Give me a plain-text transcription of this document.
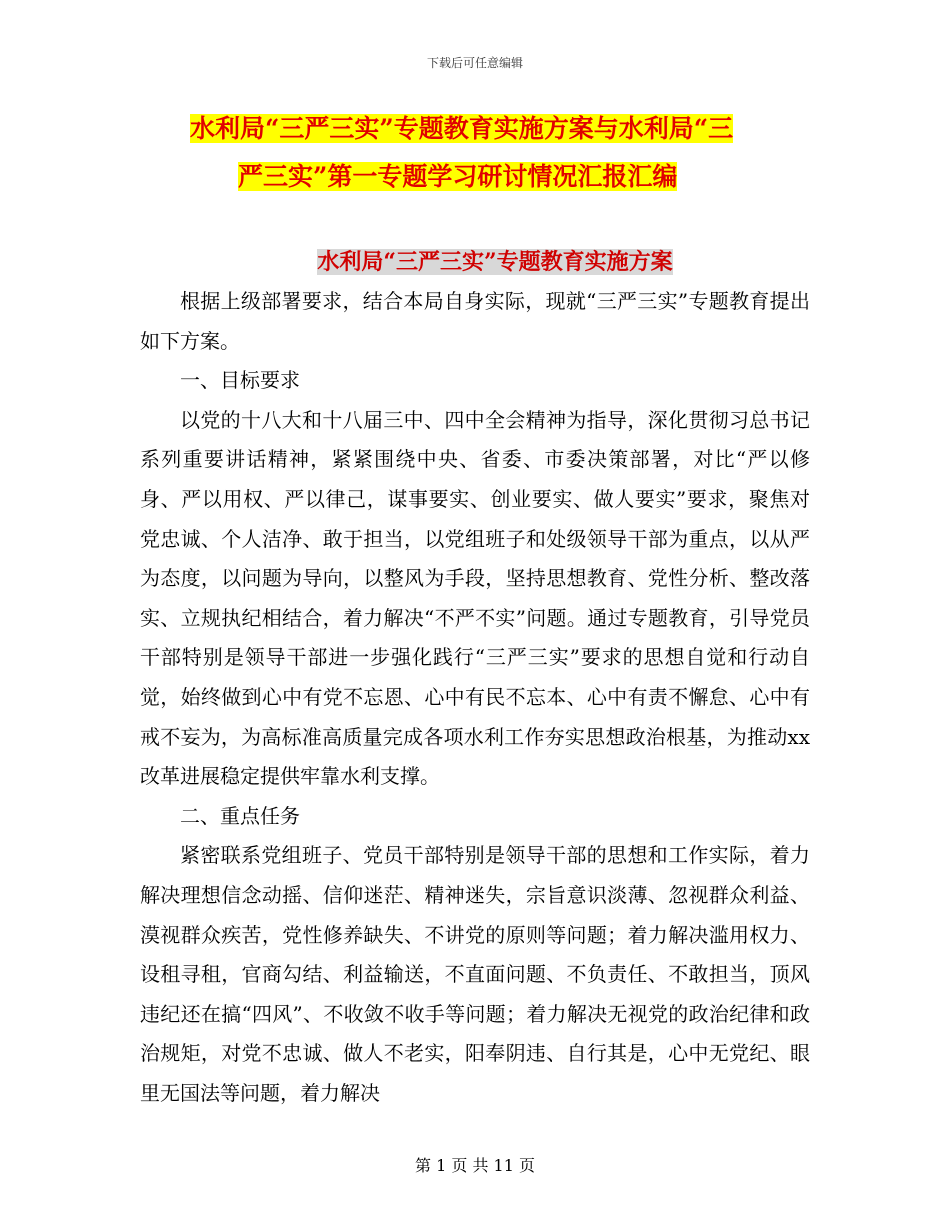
下载后可任意编辑
水利局“三严三实”专题教育实施方案与水利局“三
严三实”第一专题学习研讨情况汇报汇编
水利局“三严三实”专题教育实施方案

根据上级部署要求，结合本局自身实际，现就“三严三实”专题教育提出如下方案。

一、目标要求

以党的十八大和十八届三中、四中全会精神为指导，深化贯彻习总书记系列重要讲话精神，紧紧围绕中央、省委、市委决策部署，对比“严以修身、严以用权、严以律己，谋事要实、创业要实、做人要实”要求，聚焦对党忠诚、个人洁净、敢于担当，以党组班子和处级领导干部为重点，以从严为态度，以问题为导向，以整风为手段，坚持思想教育、党性分析、整改落实、立规执纪相结合，着力解决“不严不实”问题。通过专题教育，引导党员干部特别是领导干部进一步强化践行“三严三实”要求的思想自觉和行动自觉，始终做到心中有党不忘恩、心中有民不忘本、心中有责不懈怠、心中有戒不妄为，为高标准高质量完成各项水利工作夯实思想政治根基，为推动xx改革进展稳定提供牢靠水利支撑。

二、重点任务

紧密联系党组班子、党员干部特别是领导干部的思想和工作实际，着力解决理想信念动摇、信仰迷茫、精神迷失，宗旨意识淡薄、忽视群众利益、漠视群众疾苦，党性修养缺失、不讲党的原则等问题；着力解决滥用权力、设租寻租，官商勾结、利益输送，不直面问题、不负责任、不敢担当，顶风违纪还在搞“四风”、不收敛不收手等问题；着力解决无视党的政治纪律和政治规矩，对党不忠诚、做人不老实，阳奉阴违、自行其是，心中无党纪、眼里无国法等问题，着力解决

第 1 页 共 11 页
